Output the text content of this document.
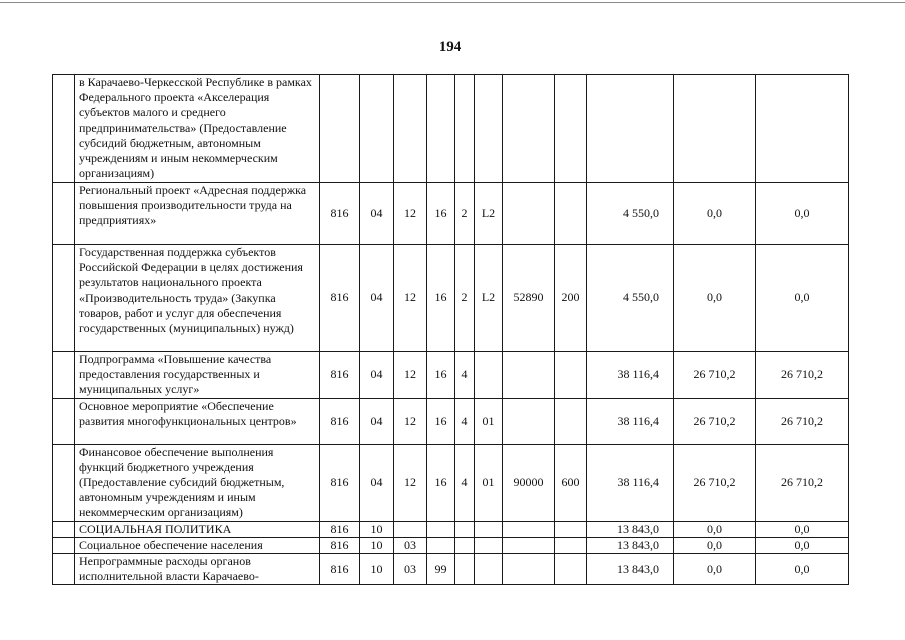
194
	в Карачаево-Черкесской Республике в рамках Федерального проекта «Акселерация субъектов малого и среднего предпринимательства» (Предоставление субсидий бюджетным, автономным учреждениям и иным некоммерческим организациям)											
	Региональный проект «Адресная поддержка повышения производительности труда на предприятиях»	816	04	12	16	2	L2			4 550,0	0,0	0,0
	Государственная поддержка субъектов Российской Федерации в целях достижения результатов национального проекта «Производительность труда» (Закупка товаров, работ и услуг для обеспечения государственных (муниципальных) нужд)	816	04	12	16	2	L2	52890	200	4 550,0	0,0	0,0
	Подпрограмма «Повышение качества предоставления государственных и муниципальных услуг»	816	04	12	16	4				38 116,4	26 710,2	26 710,2
	Основное мероприятие «Обеспечение развития многофункциональных центров»	816	04	12	16	4	01			38 116,4	26 710,2	26 710,2
	Финансовое обеспечение выполнения функций бюджетного учреждения (Предоставление субсидий бюджетным, автономным учреждениям и иным некоммерческим организациям)	816	04	12	16	4	01	90000	600	38 116,4	26 710,2	26 710,2
	СОЦИАЛЬНАЯ ПОЛИТИКА	816	10							13 843,0	0,0	0,0
	Социальное обеспечение населения	816	10	03						13 843,0	0,0	0,0
	Непрограммные расходы органов исполнительной власти Карачаево-	816	10	03	99					13 843,0	0,0	0,0
